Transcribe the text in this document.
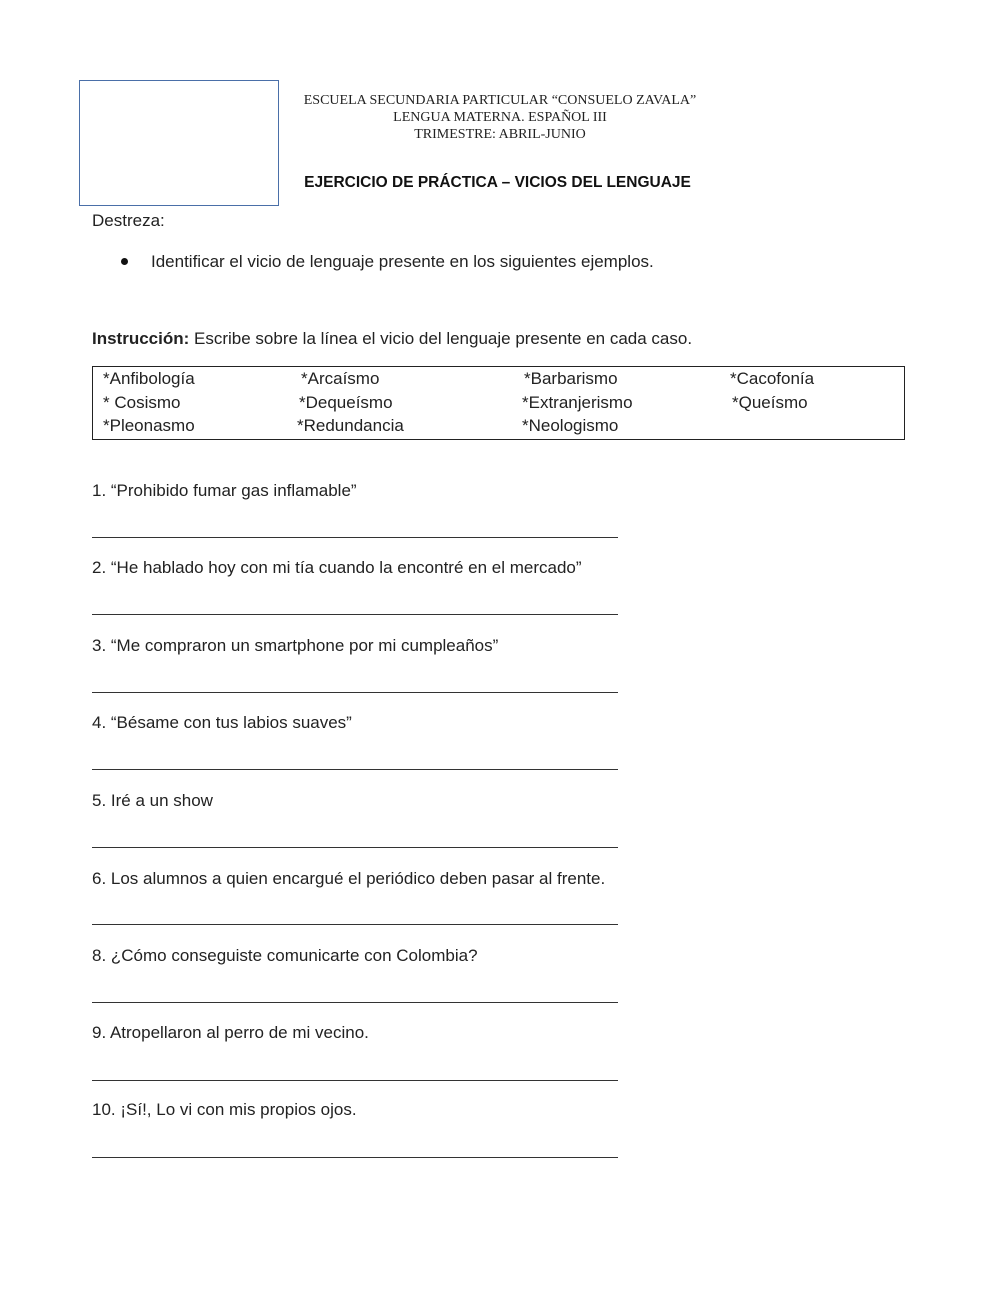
ESCUELA SECUNDARIA PARTICULAR “CONSUELO ZAVALA”
LENGUA MATERNA. ESPAÑOL III
TRIMESTRE: ABRIL-JUNIO
EJERCICIO DE PRÁCTICA – VICIOS DEL LENGUAJE
Destreza:
Identificar el vicio de lenguaje presente en los siguientes ejemplos.
Instrucción: Escribe sobre la línea el vicio del lenguaje presente en cada caso.
*Anfibología	*Arcaísmo	*Barbarismo	*Cacofonía
* Cosismo	*Dequeísmo	*Extranjerismo	*Queísmo
*Pleonasmo	*Redundancia	*Neologismo
1. “Prohibido fumar gas inflamable”
2. “He hablado hoy con mi tía cuando la encontré en el mercado”
3. “Me compraron un smartphone por mi cumpleaños”
4. “Bésame con tus labios suaves”
5. Iré a un show
6. Los alumnos a quien encargué el periódico deben pasar al frente.
8. ¿Cómo conseguiste comunicarte con Colombia?
9. Atropellaron al perro de mi vecino.
10. ¡Sí!, Lo vi con mis propios ojos.
